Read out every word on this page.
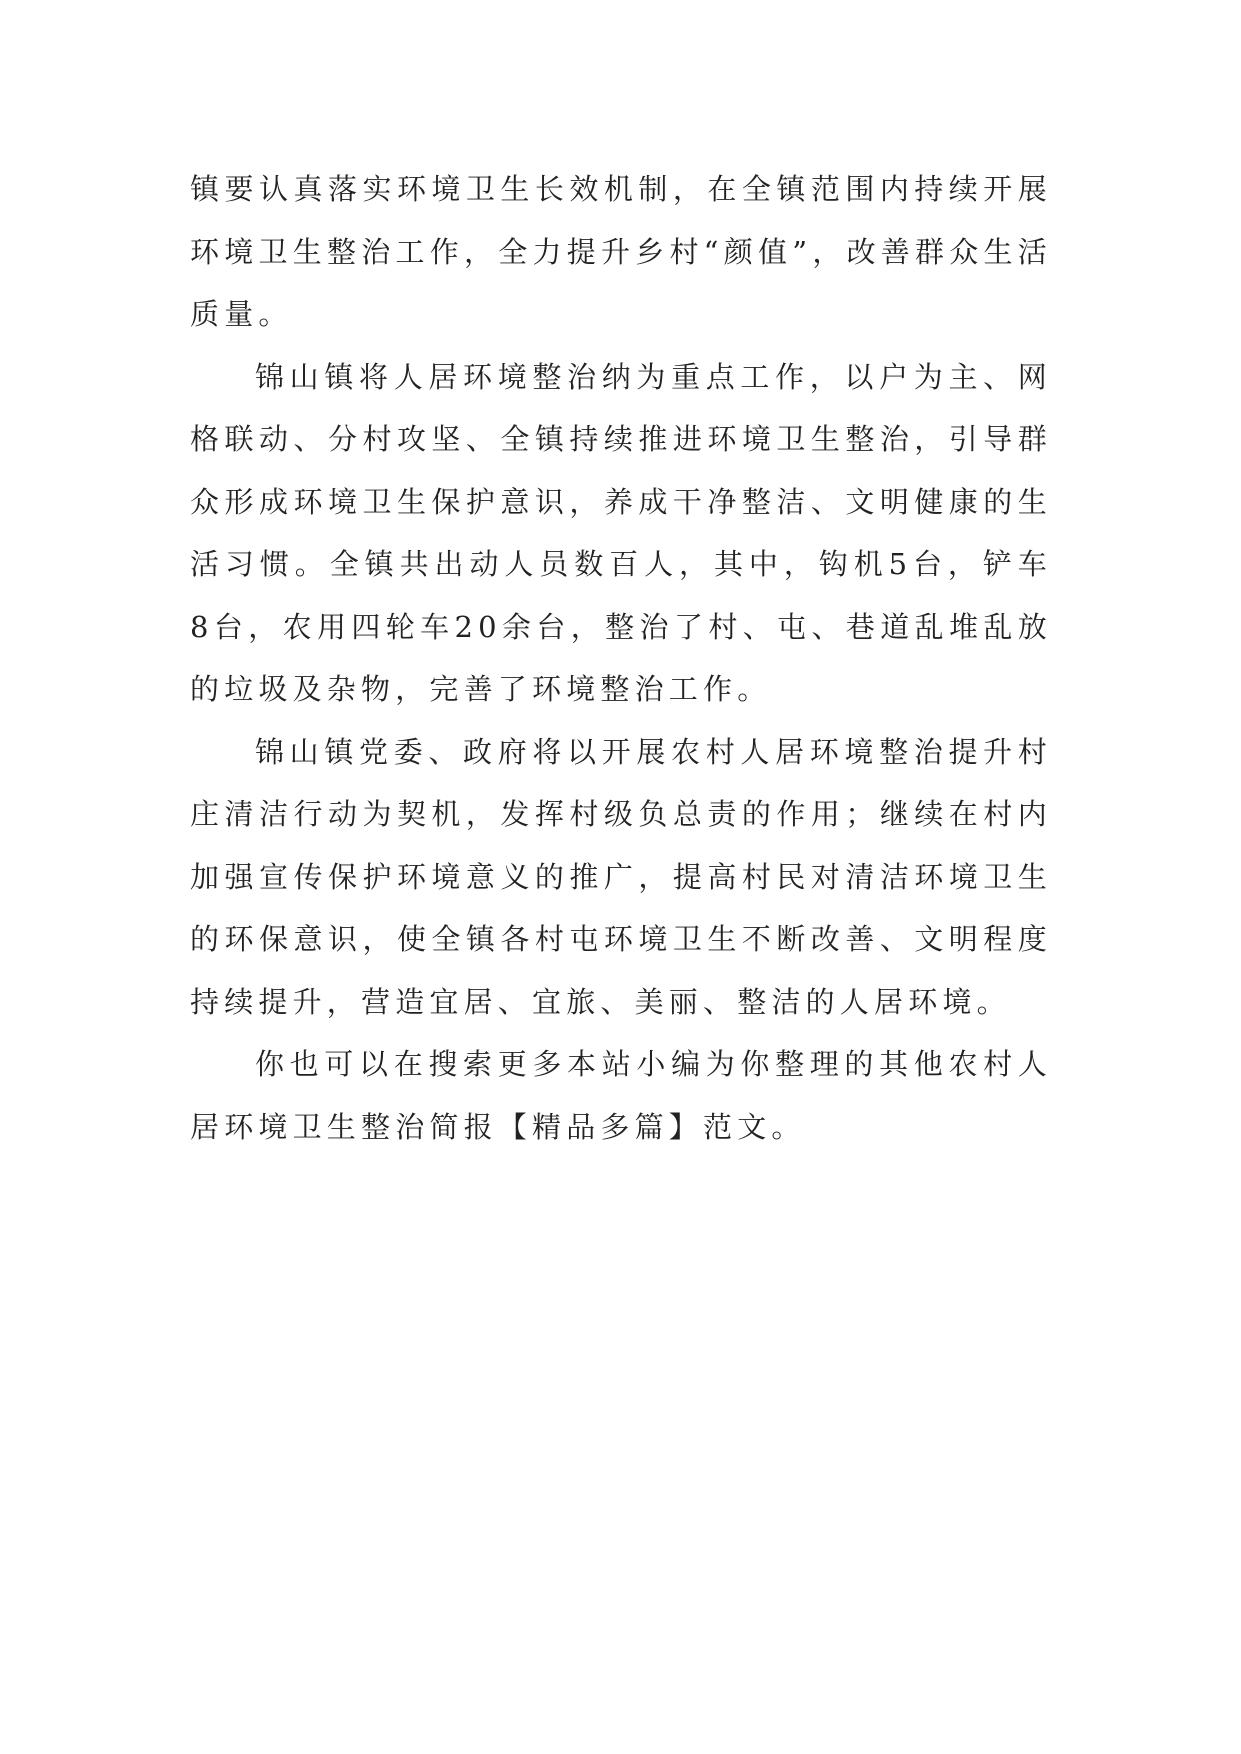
镇要认真落实环境卫生长效机制，在全镇范围内持续开展环境卫生整治工作，全力提升乡村“颜值”，改善群众生活质量。

锦山镇将人居环境整治纳为重点工作，以户为主、网格联动、分村攻坚、全镇持续推进环境卫生整治，引导群众形成环境卫生保护意识，养成干净整洁、文明健康的生活习惯。全镇共出动人员数百人，其中，钩机5台，铲车8台，农用四轮车20余台，整治了村、屯、巷道乱堆乱放的垃圾及杂物，完善了环境整治工作。

锦山镇党委、政府将以开展农村人居环境整治提升村庄清洁行动为契机，发挥村级负总责的作用；继续在村内加强宣传保护环境意义的推广，提高村民对清洁环境卫生的环保意识，使全镇各村屯环境卫生不断改善、文明程度持续提升，营造宜居、宜旅、美丽、整洁的人居环境。

你也可以在搜索更多本站小编为你整理的其他农村人居环境卫生整治简报【精品多篇】范文。
